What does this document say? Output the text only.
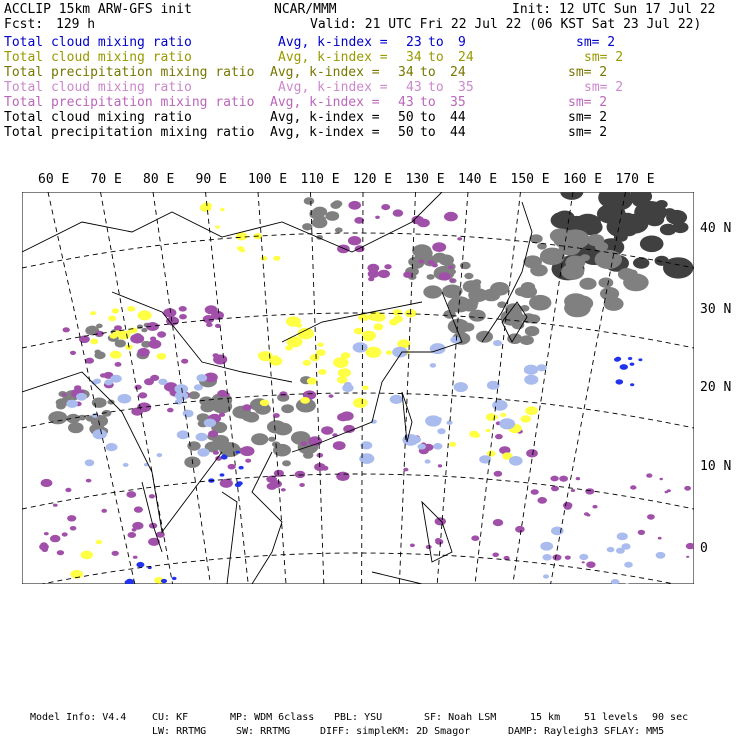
ACCLIP 15km ARW-GFS init	NCAR/MMM	Init: 12 UTC Sun 17 Jul 22
Fcst: 129 h	Valid: 21 UTC Fri 22 Jul 22 (06 KST Sat 23 Jul 22)
Total cloud mixing ratio	Avg, k-index = 23 to 9	sm= 2
Total cloud mixing ratio	Avg, k-index = 34 to 24	sm= 2
Total precipitation mixing ratio Avg, k-index = 34 to 24	sm= 2
Total cloud mixing ratio	Avg, k-index = 43 to 35	sm= 2
Total precipitation mixing ratio Avg, k-index = 43 to 35	sm= 2
Total cloud mixing ratio	Avg, k-index = 50 to 44	sm= 2
Total precipitation mixing ratio Avg, k-index = 50 to 44	sm= 2
60 E 70 E 80 E 90 E 100 E 110 E 120 E 130 E 140 E 150 E 160 E 170 E
40 N
30 N
20 N
10 N
0
Model Info: V4.4	CU: KF	MP: WDM 6class PBL: YSU	SF: Noah LSM	15 km 51 levels 90 sec
LW: RRTMG	SW: RRTMG	DIFF: simple KM: 2D Smagor	DAMP: Rayleigh3 SFLAY: MM5
